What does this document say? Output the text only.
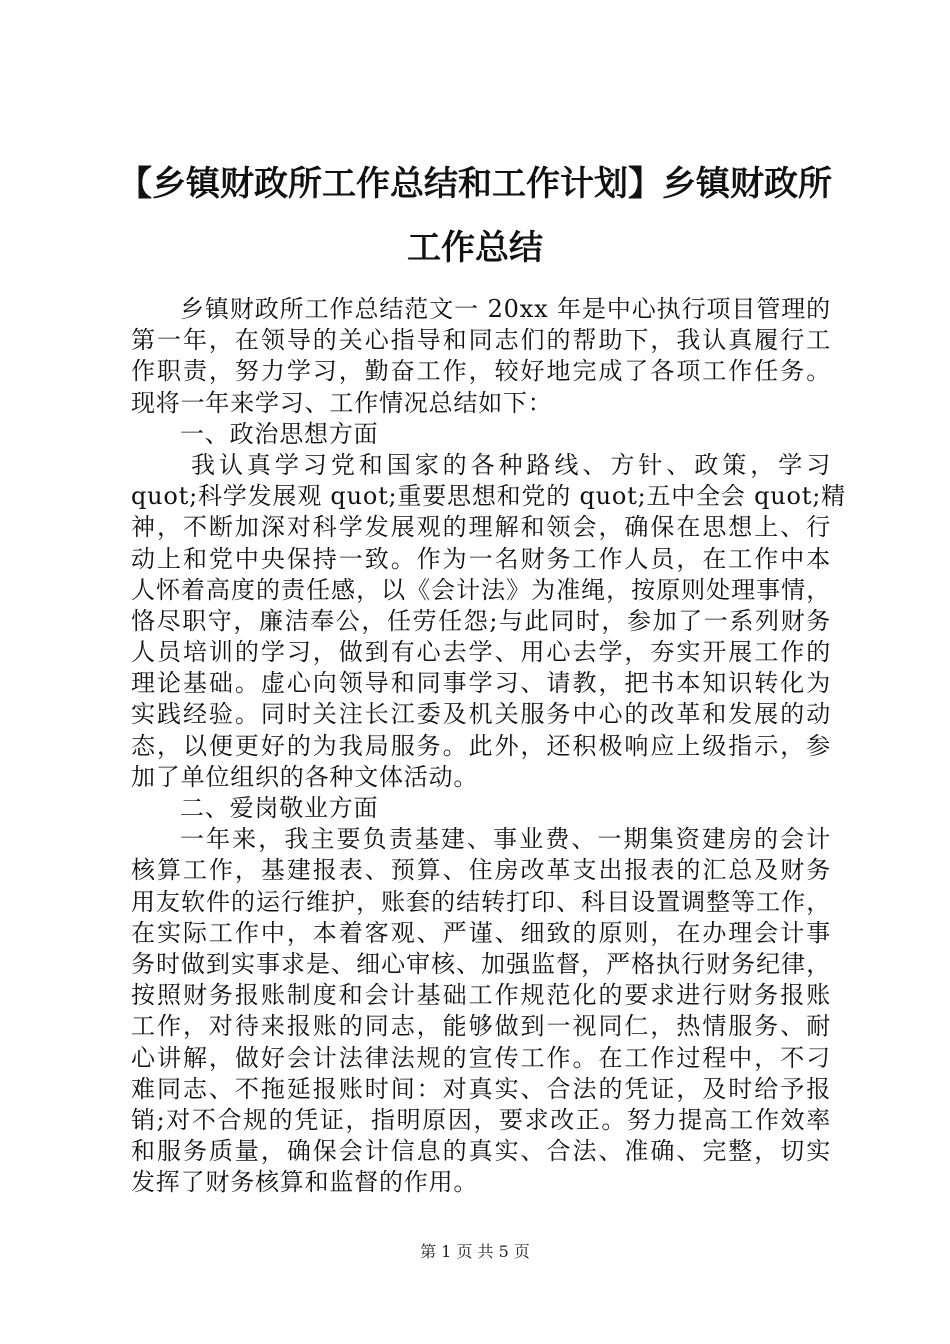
【乡镇财政所工作总结和工作计划】乡镇财政所工作总结
乡镇财政所工作总结范文一 20xx 年是中心执行项目管理的
第一年，在领导的关心指导和同志们的帮助下，我认真履行工
作职责，努力学习，勤奋工作，较好地完成了各项工作任务。
现将一年来学习、工作情况总结如下：
一、政治思想方面
我认真学习党和国家的各种路线、方针、政策，学习
quot;科学发展观 quot;重要思想和党的 quot;五中全会 quot;精
神，不断加深对科学发展观的理解和领会，确保在思想上、行
动上和党中央保持一致。作为一名财务工作人员，在工作中本
人怀着高度的责任感，以《会计法》为准绳，按原则处理事情，
恪尽职守，廉洁奉公，任劳任怨;与此同时，参加了一系列财务
人员培训的学习，做到有心去学、用心去学，夯实开展工作的
理论基础。虚心向领导和同事学习、请教，把书本知识转化为
实践经验。同时关注长江委及机关服务中心的改革和发展的动
态，以便更好的为我局服务。此外，还积极响应上级指示，参
加了单位组织的各种文体活动。
二、爱岗敬业方面
一年来，我主要负责基建、事业费、一期集资建房的会计
核算工作，基建报表、预算、住房改革支出报表的汇总及财务
用友软件的运行维护，账套的结转打印、科目设置调整等工作，
在实际工作中，本着客观、严谨、细致的原则，在办理会计事
务时做到实事求是、细心审核、加强监督，严格执行财务纪律，
按照财务报账制度和会计基础工作规范化的要求进行财务报账
工作，对待来报账的同志，能够做到一视同仁，热情服务、耐
心讲解，做好会计法律法规的宣传工作。在工作过程中，不刁
难同志、不拖延报账时间：对真实、合法的凭证，及时给予报
销;对不合规的凭证，指明原因，要求改正。努力提高工作效率
和服务质量，确保会计信息的真实、合法、准确、完整，切实
发挥了财务核算和监督的作用。
第 1 页 共 5 页
